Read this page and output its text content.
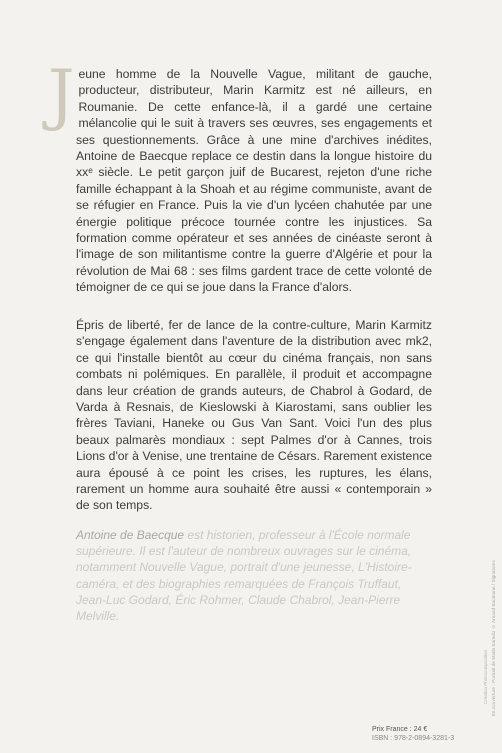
Jeune homme de la Nouvelle Vague, militant de gauche, producteur, distributeur, Marin Karmitz est né ailleurs, en Roumanie. De cette enfance-là, il a gardé une certaine mélancolie qui le suit à travers ses œuvres, ses engagements et ses questionnements. Grâce à une mine d'archives inédites, Antoine de Baecque replace ce destin dans la longue histoire du xxᵉ siècle. Le petit garçon juif de Bucarest, rejeton d'une riche famille échappant à la Shoah et au régime communiste, avant de se réfugier en France. Puis la vie d'un lycéen chahutée par une énergie politique précoce tournée contre les injustices. Sa formation comme opérateur et ses années de cinéaste seront à l'image de son militantisme contre la guerre d'Algérie et pour la révolution de Mai 68 : ses films gardent trace de cette volonté de témoigner de ce qui se joue dans la France d'alors.

Épris de liberté, fer de lance de la contre-culture, Marin Karmitz s'engage également dans l'aventure de la distribution avec mk2, ce qui l'installe bientôt au cœur du cinéma français, non sans combats ni polémiques. En parallèle, il produit et accompagne dans leur création de grands auteurs, de Chabrol à Godard, de Varda à Resnais, de Kieslowski à Kiarostami, sans oublier les frères Taviani, Haneke ou Gus Van Sant. Voici l'un des plus beaux palmarès mondiaux : sept Palmes d'or à Cannes, trois Lions d'or à Venise, une trentaine de Césars. Rarement existence aura épousé à ce point les crises, les ruptures, les élans, rarement un homme aura souhaité être aussi « contemporain » de son temps.

Antoine de Baecque est historien, professeur à l'École normale supérieure. Il est l'auteur de nombreux ouvrages sur le cinéma, notamment Nouvelle Vague, portrait d'une jeunesse, L'Histoire-caméra, et des biographies remarquées de François Truffaut, Jean-Luc Godard, Éric Rohmer, Claude Chabrol, Jean-Pierre Melville.	En couverture : Portrait de Marin Karmitz © Arnaud Baumann / Signatures
Création Photocomposition
Prix France : 24 €
ISBN : 978-2-0894-3281-3
